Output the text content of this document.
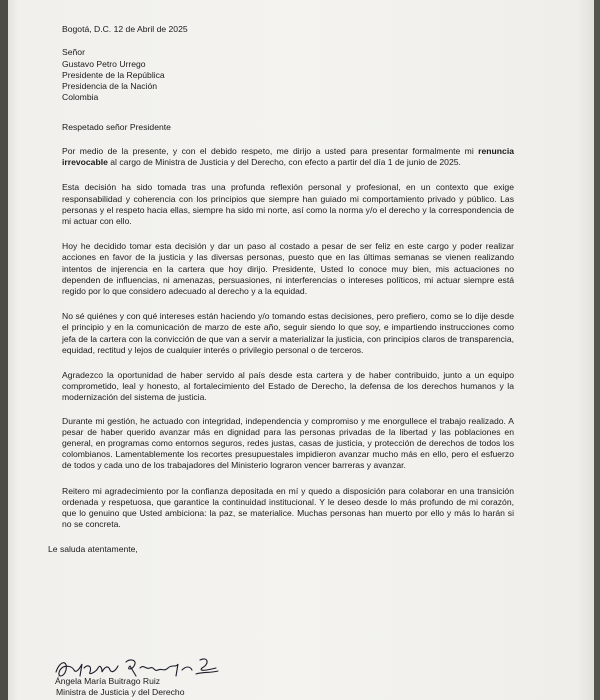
Bogotá, D.C. 12 de Abril de 2025
Señor
Gustavo Petro Urrego
Presidente de la República
Presidencia de la Nación
Colombia
Respetado señor Presidente

Por medio de la presente, y con el debido respeto, me dirijo a usted para presentar formalmente mi renuncia irrevocable al cargo de Ministra de Justicia y del Derecho, con efecto a partir del día 1 de junio de 2025.

Esta decisión ha sido tomada tras una profunda reflexión personal y profesional, en un contexto que exige responsabilidad y coherencia con los principios que siempre han guiado mi comportamiento privado y público. Las personas y el respeto hacia ellas, siempre ha sido mi norte, así como la norma y/o el derecho y la correspondencia de mi actuar con ello.

Hoy he decidido tomar esta decisión y dar un paso al costado a pesar de ser feliz en este cargo y poder realizar acciones en favor de la justicia y las diversas personas, puesto que en las últimas semanas se vienen realizando intentos de injerencia en la cartera que hoy dirijo. Presidente, Usted lo conoce muy bien, mis actuaciones no dependen de influencias, ni amenazas, persuasiones, ni interferencias o intereses políticos, mi actuar siempre está regido por lo que considero adecuado al derecho y a la equidad.

No sé quiénes y con qué intereses están haciendo y/o tomando estas decisiones, pero prefiero, como se lo dije desde el principio y en la comunicación de marzo de este año, seguir siendo lo que soy, e impartiendo instrucciones como jefa de la cartera con la convicción de que van a servir a materializar la justicia, con principios claros de transparencia, equidad, rectitud y lejos de cualquier interés o privilegio personal o de terceros.

Agradezco la oportunidad de haber servido al país desde esta cartera y de haber contribuido, junto a un equipo comprometido, leal y honesto, al fortalecimiento del Estado de Derecho, la defensa de los derechos humanos y la modernización del sistema de justicia.

Durante mi gestión, he actuado con integridad, independencia y compromiso y me enorgullece el trabajo realizado. A pesar de haber querido avanzar más en dignidad para las personas privadas de la libertad y las poblaciones en general, en programas como entornos seguros, redes justas, casas de justicia, y protección de derechos de todos los colombianos. Lamentablemente los recortes presupuestales impidieron avanzar mucho más en ello, pero el esfuerzo de todos y cada uno de los trabajadores del Ministerio lograron vencer barreras y avanzar.

Reitero mi agradecimiento por la confianza depositada en mí y quedo a disposición para colaborar en una transición ordenada y respetuosa, que garantice la continuidad institucional. Y le deseo desde lo más profundo de mi corazón, que lo genuino que Usted ambiciona: la paz, se materialice. Muchas personas han muerto por ello y más lo harán si no se concreta.

Le saluda atentamente,
Ángela María Buitrago Ruiz
Ministra de Justicia y del Derecho
